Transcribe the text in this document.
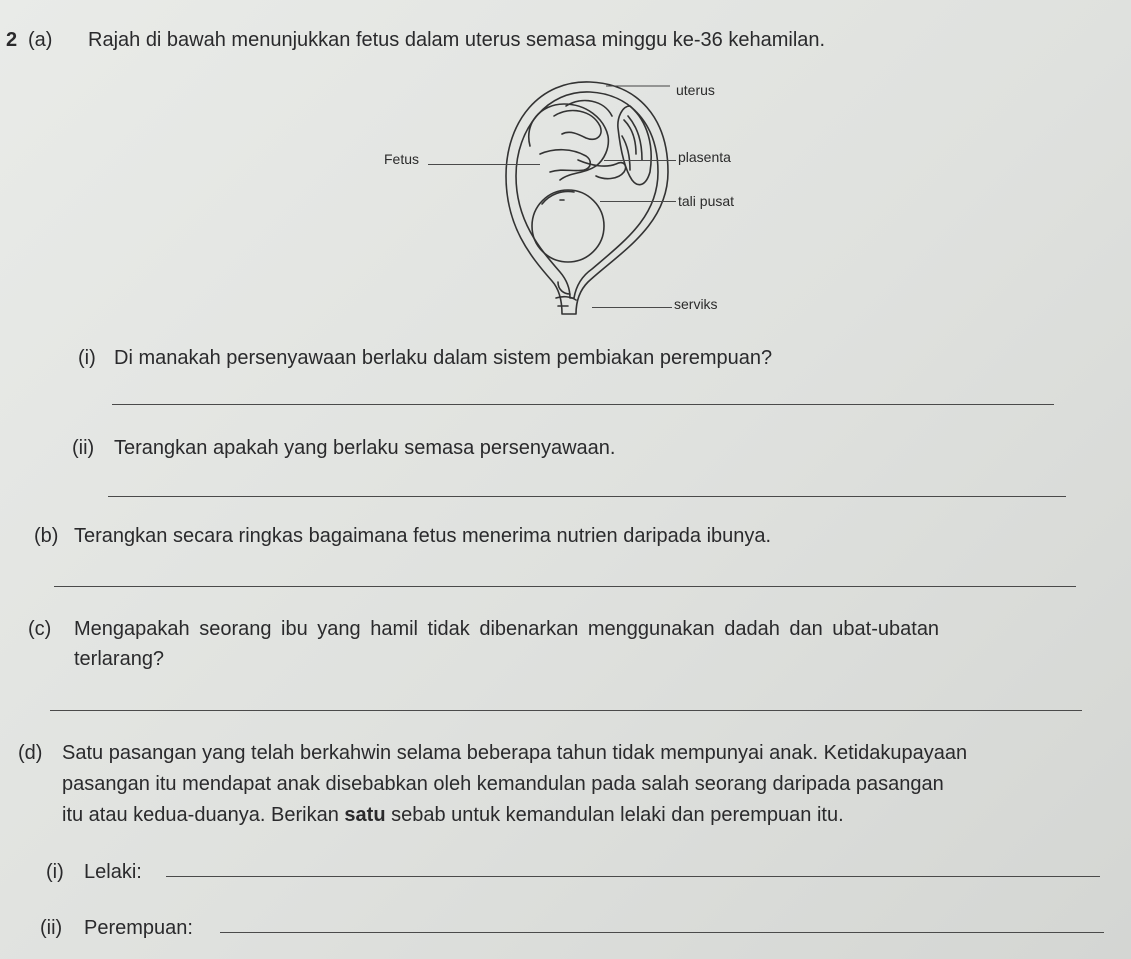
2 (a) Rajah di bawah menunjukkan fetus dalam uterus semasa minggu ke-36 kehamilan.
uterus
Fetus	plasenta
tali pusat
serviks
(i) Di manakah persenyawaan berlaku dalam sistem pembiakan perempuan?
(ii) Terangkan apakah yang berlaku semasa persenyawaan.
(b) Terangkan secara ringkas bagaimana fetus menerima nutrien daripada ibunya.
(c) Mengapakah seorang ibu yang hamil tidak dibenarkan menggunakan dadah dan ubat-ubatan
terlarang?
(d) Satu pasangan yang telah berkahwin selama beberapa tahun tidak mempunyai anak. Ketidakupayaan
pasangan itu mendapat anak disebabkan oleh kemandulan pada salah seorang daripada pasangan
itu atau kedua-duanya. Berikan satu sebab untuk kemandulan lelaki dan perempuan itu.
(i) Lelaki:
(ii) Perempuan:
